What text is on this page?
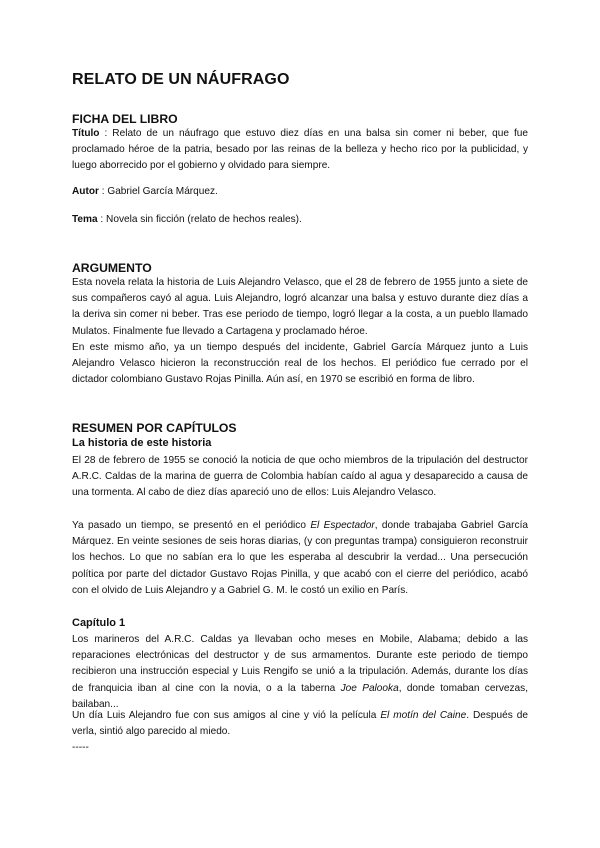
RELATO DE UN NÁUFRAGO
FICHA DEL LIBRO

Título : Relato de un náufrago que estuvo diez días en una balsa sin comer ni beber, que fue proclamado héroe de la patria, besado por las reinas de la belleza y hecho rico por la publicidad, y luego aborrecido por el gobierno y olvidado para siempre.

Autor : Gabriel García Márquez.

Tema : Novela sin ficción (relato de hechos reales).

ARGUMENTO

Esta novela relata la historia de Luis Alejandro Velasco, que el 28 de febrero de 1955 junto a siete de sus compañeros cayó al agua. Luis Alejandro, logró alcanzar una balsa y estuvo durante diez días a la deriva sin comer ni beber. Tras ese periodo de tiempo, logró llegar a la costa, a un pueblo llamado Mulatos. Finalmente fue llevado a Cartagena y proclamado héroe.

En este mismo año, ya un tiempo después del incidente, Gabriel García Márquez junto a Luis Alejandro Velasco hicieron la reconstrucción real de los hechos. El periódico fue cerrado por el dictador colombiano Gustavo Rojas Pinilla. Aún así, en 1970 se escribió en forma de libro.

RESUMEN POR CAPÍTULOS
La historia de este historia

El 28 de febrero de 1955 se conoció la noticia de que ocho miembros de la tripulación del destructor A.R.C. Caldas de la marina de guerra de Colombia habían caído al agua y desaparecido a causa de una tormenta. Al cabo de diez días apareció uno de ellos: Luis Alejandro Velasco.

Ya pasado un tiempo, se presentó en el periódico El Espectador, donde trabajaba Gabriel García Márquez. En veinte sesiones de seis horas diarias, (y con preguntas trampa) consiguieron reconstruir los hechos. Lo que no sabían era lo que les esperaba al descubrir la verdad... Una persecución política por parte del dictador Gustavo Rojas Pinilla, y que acabó con el cierre del periódico, acabó con el olvido de Luis Alejandro y a Gabriel G. M. le costó un exilio en París.

Capítulo 1

Los marineros del A.R.C. Caldas ya llevaban ocho meses en Mobile, Alabama; debido a las reparaciones electrónicas del destructor y de sus armamentos. Durante este periodo de tiempo recibieron una instrucción especial y Luis Rengifo se unió a la tripulación. Además, durante los días de franquicia iban al cine con la novia, o a la taberna Joe Palooka, donde tomaban cervezas, bailaban...

Un día Luis Alejandro fue con sus amigos al cine y vió la película El motín del Caine. Después de verla, sintió algo parecido al miedo.

-----
